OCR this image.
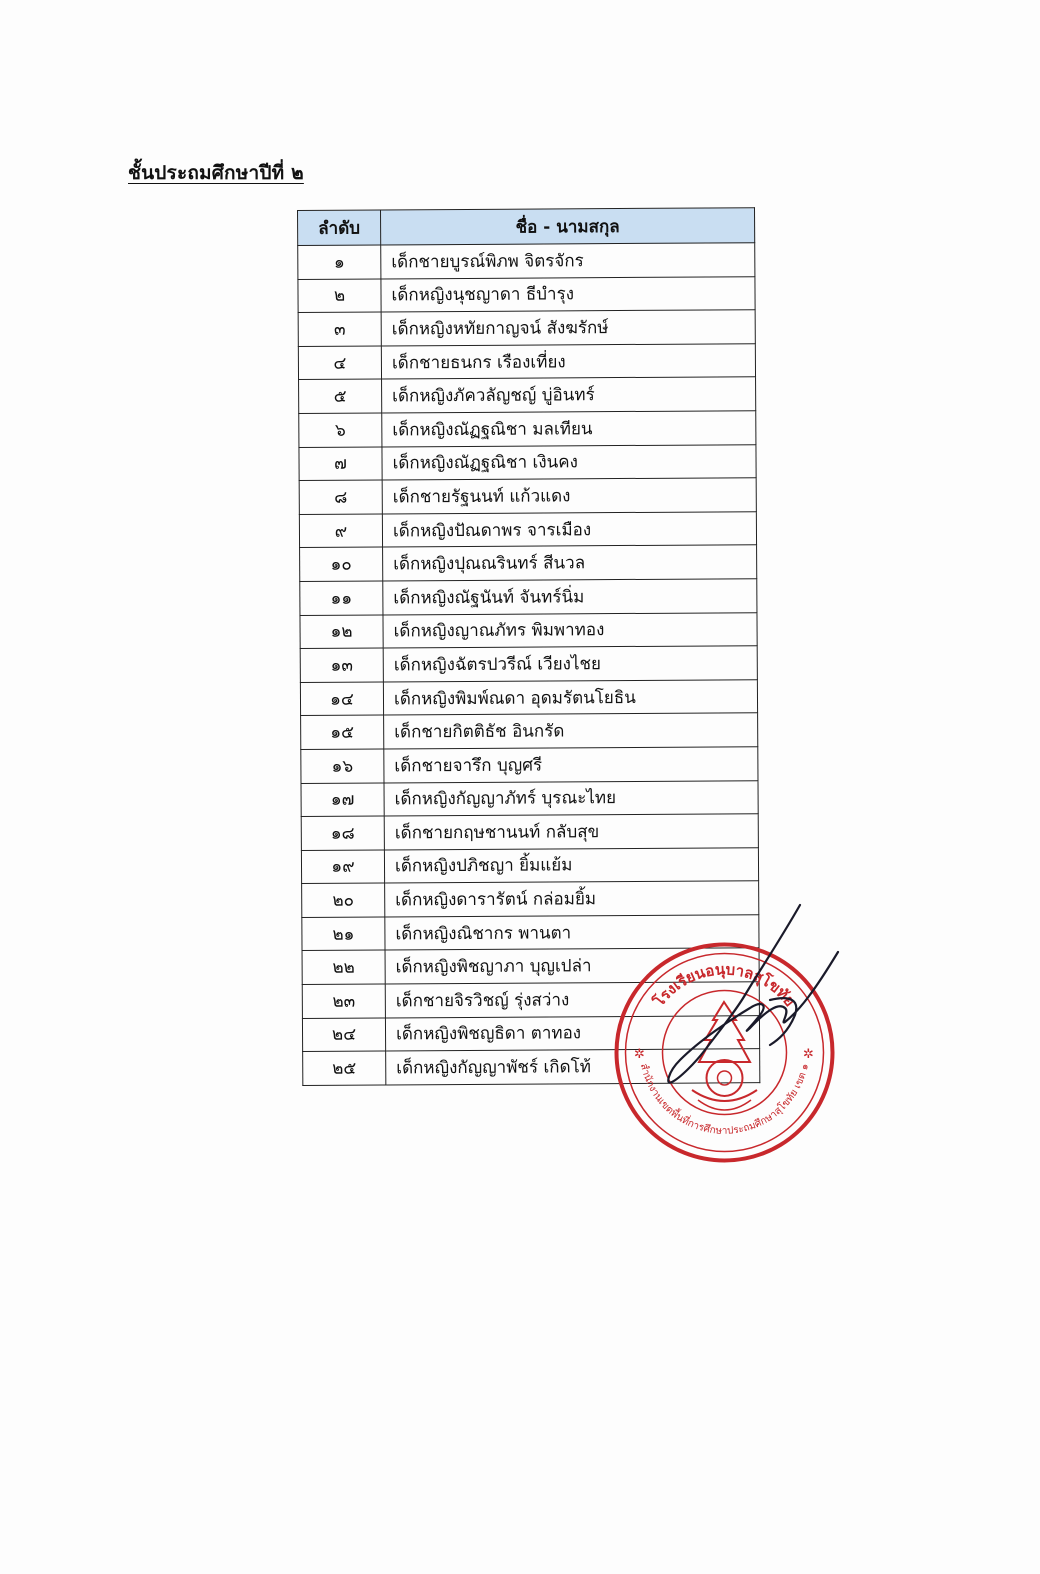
ชั้นประถมศึกษาปีที่ ๒
ลำดับ	ชื่อ - นามสกุล
๑	เด็กชายบูรณ์พิภพ จิตรจักร
๒	เด็กหญิงนุชญาดา ธีบำรุง
๓	เด็กหญิงหทัยกาญจน์ สังฆรักษ์
๔	เด็กชายธนกร เรืองเที่ยง
๕	เด็กหญิงภัควลัญชญ์ บู่อินทร์
๖	เด็กหญิงณัฏฐณิชา มลเทียน
๗	เด็กหญิงณัฏฐณิชา เงินคง
๘	เด็กชายรัฐนนท์ แก้วแดง
๙	เด็กหญิงปัณดาพร จารเมือง
๑๐	เด็กหญิงปุณณรินทร์ สีนวล
๑๑	เด็กหญิงณัฐนันท์ จันทร์นิ่ม
๑๒	เด็กหญิงญาณภัทร พิมพาทอง
๑๓	เด็กหญิงฉัตรปวรีณ์ เวียงไชย
๑๔	เด็กหญิงพิมพ์ณดา อุดมรัตนโยธิน
๑๕	เด็กชายกิตติธัช อินกรัด
๑๖	เด็กชายจารึก บุญศรี
๑๗	เด็กหญิงกัญญาภัทร์ บุรณะไทย
๑๘	เด็กชายกฤษชานนท์ กลับสุข
๑๙	เด็กหญิงปภิชญา ยิ้มแย้ม
๒๐	เด็กหญิงดารารัตน์ กล่อมยิ้ม
๒๑	เด็กหญิงณิชากร พานตา
๒๒	เด็กหญิงพิชญาภา บุญเปล่า
๒๓	เด็กชายจิรวิชญ์ รุ่งสว่าง
๒๔	เด็กหญิงพิชญธิดา ตาทอง
๒๕	เด็กหญิงกัญญาพัชร์ เกิดโท้
โรงเรียนอนุบาลสุโขทัย
สำนักงานเขตพื้นที่การศึกษาประถมศึกษาสุโขทัย เขต ๑
✲	✲
